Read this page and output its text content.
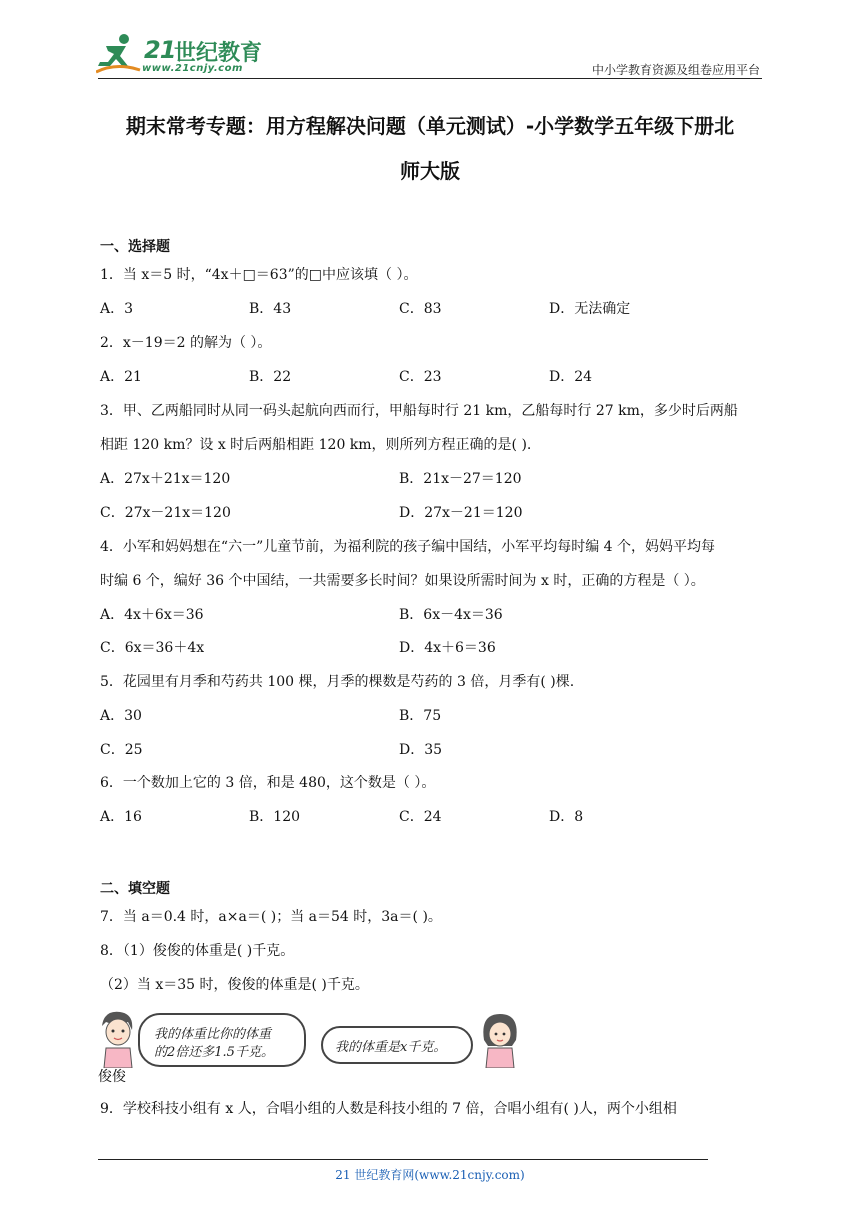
21
世纪教育
www.21cnjy.com	中小学教育资源及组卷应用平台
期末常考专题：用方程解决问题（单元测试）-小学数学五年级下册北
师大版
一、选择题
1．当 x＝5 时，“4x＋□＝63”的□中应该填（ ）。
A．3	B．43	C．83	D．无法确定
2．x－19＝2 的解为（ ）。
A．21	B．22	C．23	D．24
3．甲、乙两船同时从同一码头起航向西而行，甲船每时行 21 km，乙船每时行 27 km，多少时后两船
相距 120 km？设 x 时后两船相距 120 km，则所列方程正确的是( ).
A．27x＋21x＝120	B．21x－27＝120
C．27x－21x＝120	D．27x－21＝120
4．小军和妈妈想在“六一”儿童节前，为福利院的孩子编中国结，小军平均每时编 4 个，妈妈平均每
时编 6 个，编好 36 个中国结，一共需要多长时间？如果设所需时间为 x 时，正确的方程是（ ）。
A．4x＋6x＝36	B．6x－4x＝36
C．6x＝36＋4x	D．4x＋6＝36
5．花园里有月季和芍药共 100 棵，月季的棵数是芍药的 3 倍，月季有( )棵.
A．30	B．75
C．25	D．35
6．一个数加上它的 3 倍，和是 480，这个数是（ ）。
A．16	B．120	C．24	D．8
二、填空题
7．当 a＝0.4 时，a×a＝( )；当 a＝54 时，3a＝( )。
8．（1）俊俊的体重是( )千克。
（2）当 x＝35 时，俊俊的体重是( )千克。
我的体重比你的体重
的2倍还多1.5千克。	我的体重是x千克。
俊俊
9．学校科技小组有 x 人，合唱小组的人数是科技小组的 7 倍，合唱小组有( )人，两个小组相
21 世纪教育网(www.21cnjy.com)
